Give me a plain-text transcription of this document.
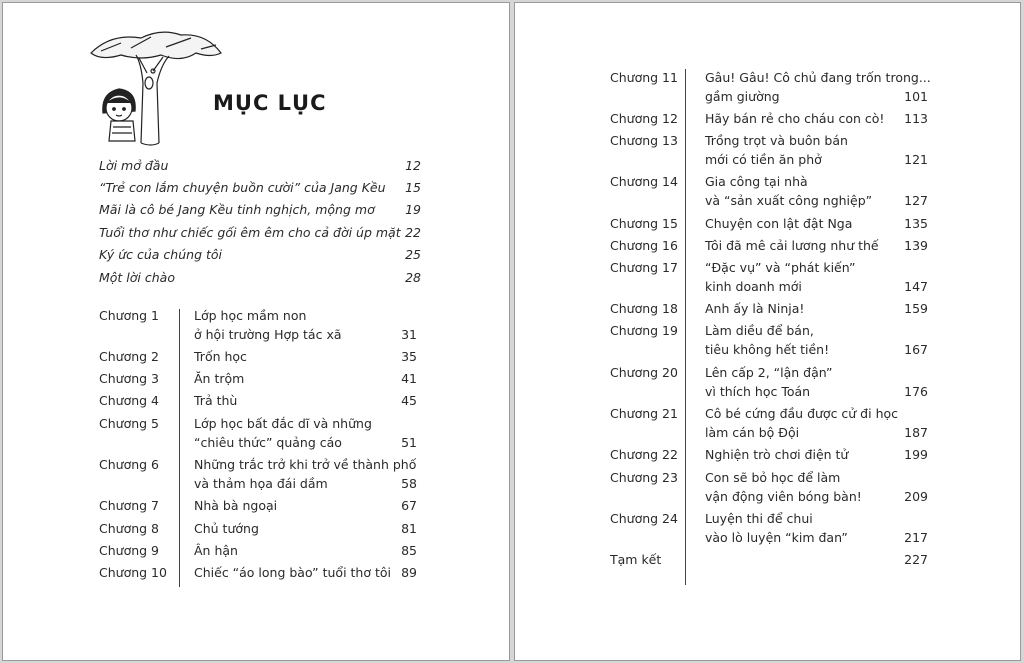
MỤC LỤC
Lời mở đầu	12
“Trẻ con lắm chuyện buồn cười” của Jang Kều 15
Mãi là cô bé Jang Kều tinh nghịch, mộng mơ 19
Tuổi thơ như chiếc gối êm êm cho cả đời úp mặt 22
Ký ức của chúng tôi	25
Một lời chào	28
Chương 1	Lớp học mầm non
ở hội trường Hợp tác xã	31
Chương 2	Trốn học	35
Chương 3	Ăn trộm	41
Chương 4	Trả thù	45
Chương 5	Lớp học bất đắc dĩ và những
“chiêu thức” quảng cáo	51
Chương 6	Những trắc trở khi trở về thành phố
và thảm họa đái dầm	58
Chương 7	Nhà bà ngoại	67
Chương 8	Chủ tướng	81
Chương 9	Ân hận	85
Chương 10 Chiếc “áo long bào” tuổi thơ tôi 89
Chương 11 Gâu! Gâu! Cô chủ đang trốn trong...
gầm giường	101
Chương 12 Hãy bán rẻ cho cháu con cò!	113
Chương 13 Trồng trọt và buôn bán
mới có tiền ăn phở	121
Chương 14 Gia công tại nhà
và “sản xuất công nghiệp”	127
Chương 15 Chuyện con lật đật Nga	135
Chương 16 Tôi đã mê cải lương như thế	139
Chương 17 “Đặc vụ” và “phát kiến”
kinh doanh mới	147
Chương 18 Anh ấy là Ninja!	159
Chương 19 Làm diều để bán,
tiêu không hết tiền!	167
Chương 20 Lên cấp 2, “lận đận”
vì thích học Toán	176
Chương 21 Cô bé cứng đầu được cử đi học
làm cán bộ Đội	187
Chương 22 Nghiện trò chơi điện tử	199
Chương 23 Con sẽ bỏ học để làm
vận động viên bóng bàn!	209
Chương 24 Luyện thi để chui
vào lò luyện “kim đan”	217
Tạm kết	227
